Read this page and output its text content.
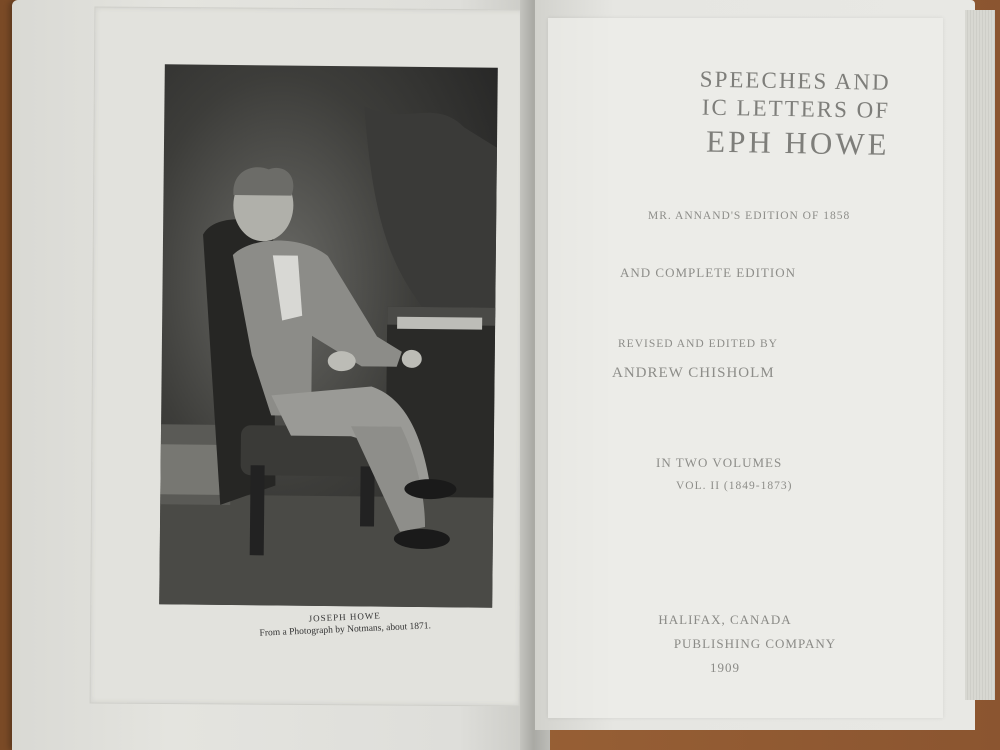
JOSEPH HOWE
From a Photograph by Notmans, about 1871.
SPEECHES AND
IC LETTERS OF
EPH HOWE
MR. ANNAND'S EDITION OF 1858
AND COMPLETE EDITION
REVISED AND EDITED BY
ANDREW CHISHOLM
IN TWO VOLUMES
VOL. II (1849-1873)
HALIFAX, CANADA
PUBLISHING COMPANY
1909
